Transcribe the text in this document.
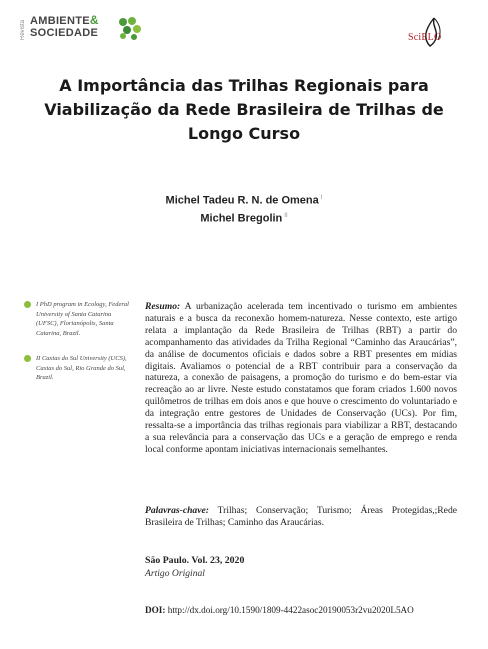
Revista AMBIENTE&
SOCIEDADE	SciELO
A Importância das Trilhas Regionais para Viabilização da Rede Brasileira de Trilhas de Longo Curso
Michel Tadeu R. N. de Omena $^I$
Michel Bregolin $^{II}$
I PhD program in Ecology, Federal University of Santa Catarina (UFSC), Florianópolis, Santa Catarina, Brazil.
II Caxias do Sul University (UCS), Caxias do Sul, Rio Grande do Sul, Brazil.
Resumo: A urbanização acelerada tem incentivado o turismo em ambientes naturais e a busca da reconexão homem-natureza. Nesse contexto, este artigo relata a implantação da Rede Brasileira de Trilhas (RBT) a partir do acompanhamento das atividades da Trilha Regional “Caminho das Araucárias”, da análise de documentos oficiais e dados sobre a RBT presentes em mídias digitais. Avaliamos o potencial de a RBT contribuir para a conservação da natureza, a conexão de paisagens, a promoção do turismo e do bem-estar via recreação ao ar livre. Neste estudo constatamos que foram criados 1.600 novos quilômetros de trilhas em dois anos e que houve o crescimento do voluntariado e da integração entre gestores de Unidades de Conservação (UCs). Por fim, ressalta-se a importância das trilhas regionais para viabilizar a RBT, destacando a sua relevância para a conservação das UCs e a geração de emprego e renda local conforme apontam iniciativas internacionais semelhantes.
Palavras-chave: Trilhas; Conservação; Turismo; Áreas Protegidas,;Rede Brasileira de Trilhas; Caminho das Araucárias.
São Paulo. Vol. 23, 2020
Artigo Original
DOI: http://dx.doi.org/10.1590/1809-4422asoc20190053r2vu2020L5AO
